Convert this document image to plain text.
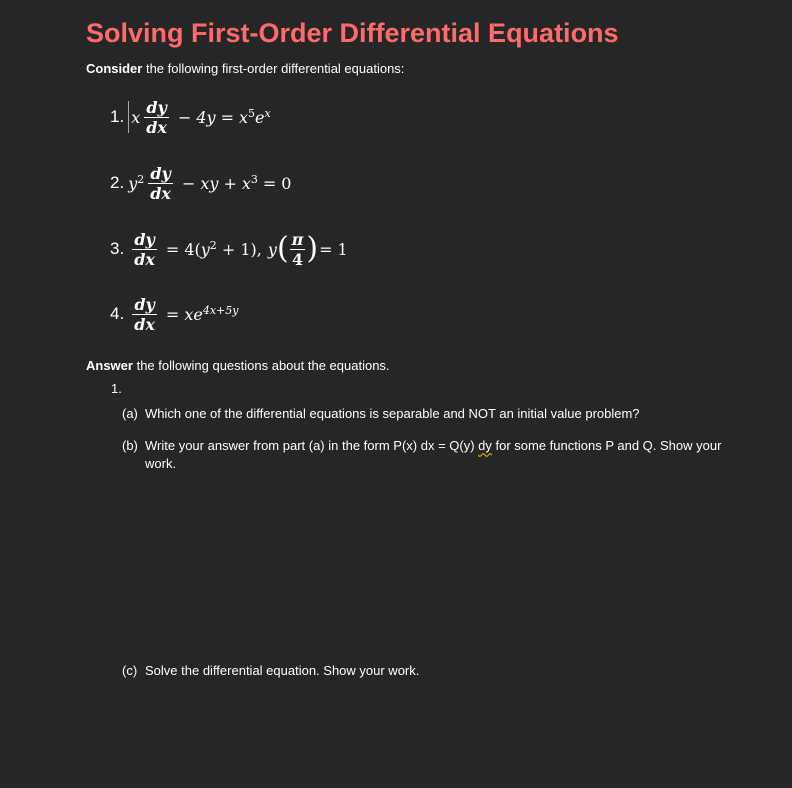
Solving First-Order Differential Equations
Consider the following first-order differential equations:
1. x $\frac{dy}{dx} - 4y = x^5$ e $^x$
2. $y^2 \frac{dy}{dx}$ − xy + $x^3 = 0$
3. $\frac{dy}{dx} = 4$( $y^2 + 1$), y ( $\frac{\pi}{4}$ ) = 1
4. $\frac{dy}{dx}$ = xe $^{4x+5y}$
Answer the following questions about the equations.
1.
(a) Which one of the differential equations is separable and NOT an initial value problem?
(b) Write your answer from part (a) in the form P(x) dx = Q(y) dy for some functions P and Q. Show your work.
(c) Solve the differential equation. Show your work.
